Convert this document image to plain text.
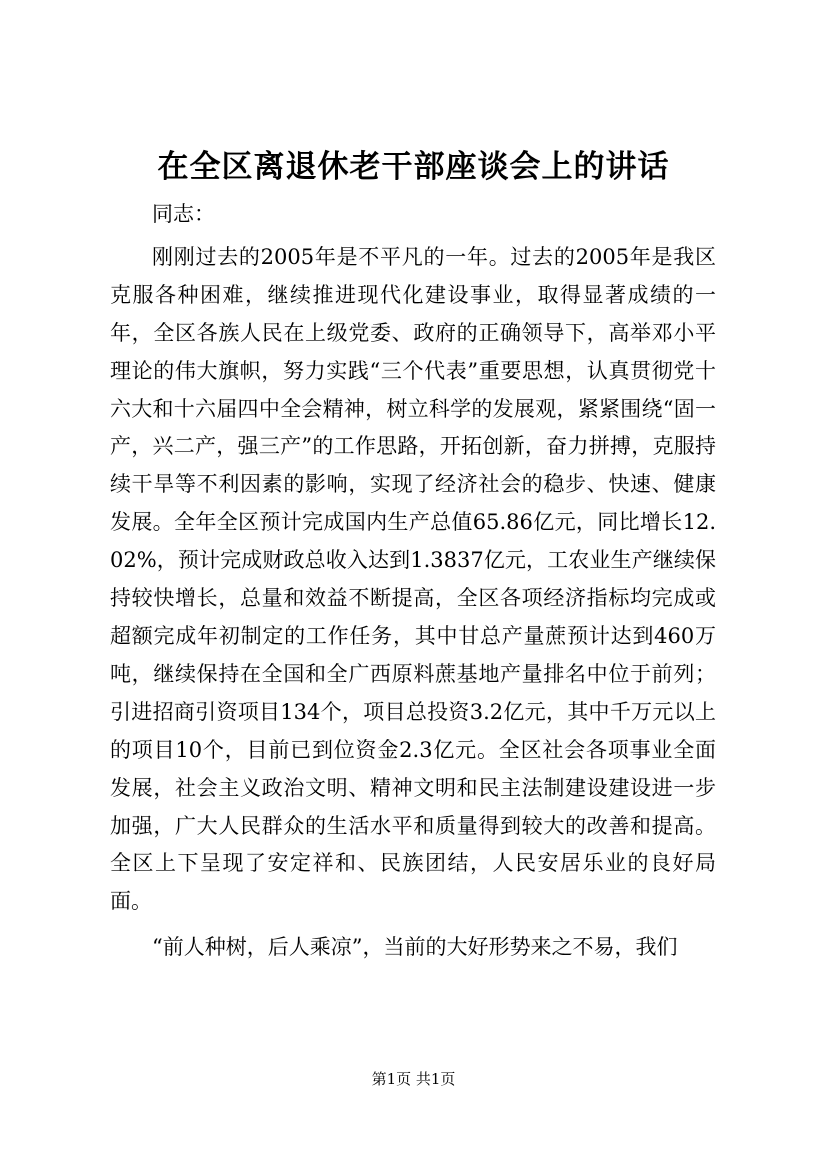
在全区离退休老干部座谈会上的讲话

同志：

刚刚过去的2005年是不平凡的一年。过去的2005年是我区克服各种困难，继续推进现代化建设事业，取得显著成绩的一年，全区各族人民在上级党委、政府的正确领导下，高举邓小平理论的伟大旗帜，努力实践“三个代表”重要思想，认真贯彻党十六大和十六届四中全会精神，树立科学的发展观，紧紧围绕“固一产，兴二产，强三产”的工作思路，开拓创新，奋力拼搏，克服持续干旱等不利因素的影响，实现了经济社会的稳步、快速、健康发展。全年全区预计完成国内生产总值65.86亿元，同比增长12.02%，预计完成财政总收入达到1.3837亿元，工农业生产继续保持较快增长，总量和效益不断提高，全区各项经济指标均完成或超额完成年初制定的工作任务，其中甘总产量蔗预计达到460万吨，继续保持在全国和全广西原料蔗基地产量排名中位于前列；引进招商引资项目134个，项目总投资3.2亿元，其中千万元以上的项目10个，目前已到位资金2.3亿元。全区社会各项事业全面发展，社会主义政治文明、精神文明和民主法制建设建设进一步加强，广大人民群众的生活水平和质量得到较大的改善和提高。全区上下呈现了安定祥和、民族团结，人民安居乐业的良好局面。

“前人种树，后人乘凉”，当前的大好形势来之不易，我们

第1页 共1页
